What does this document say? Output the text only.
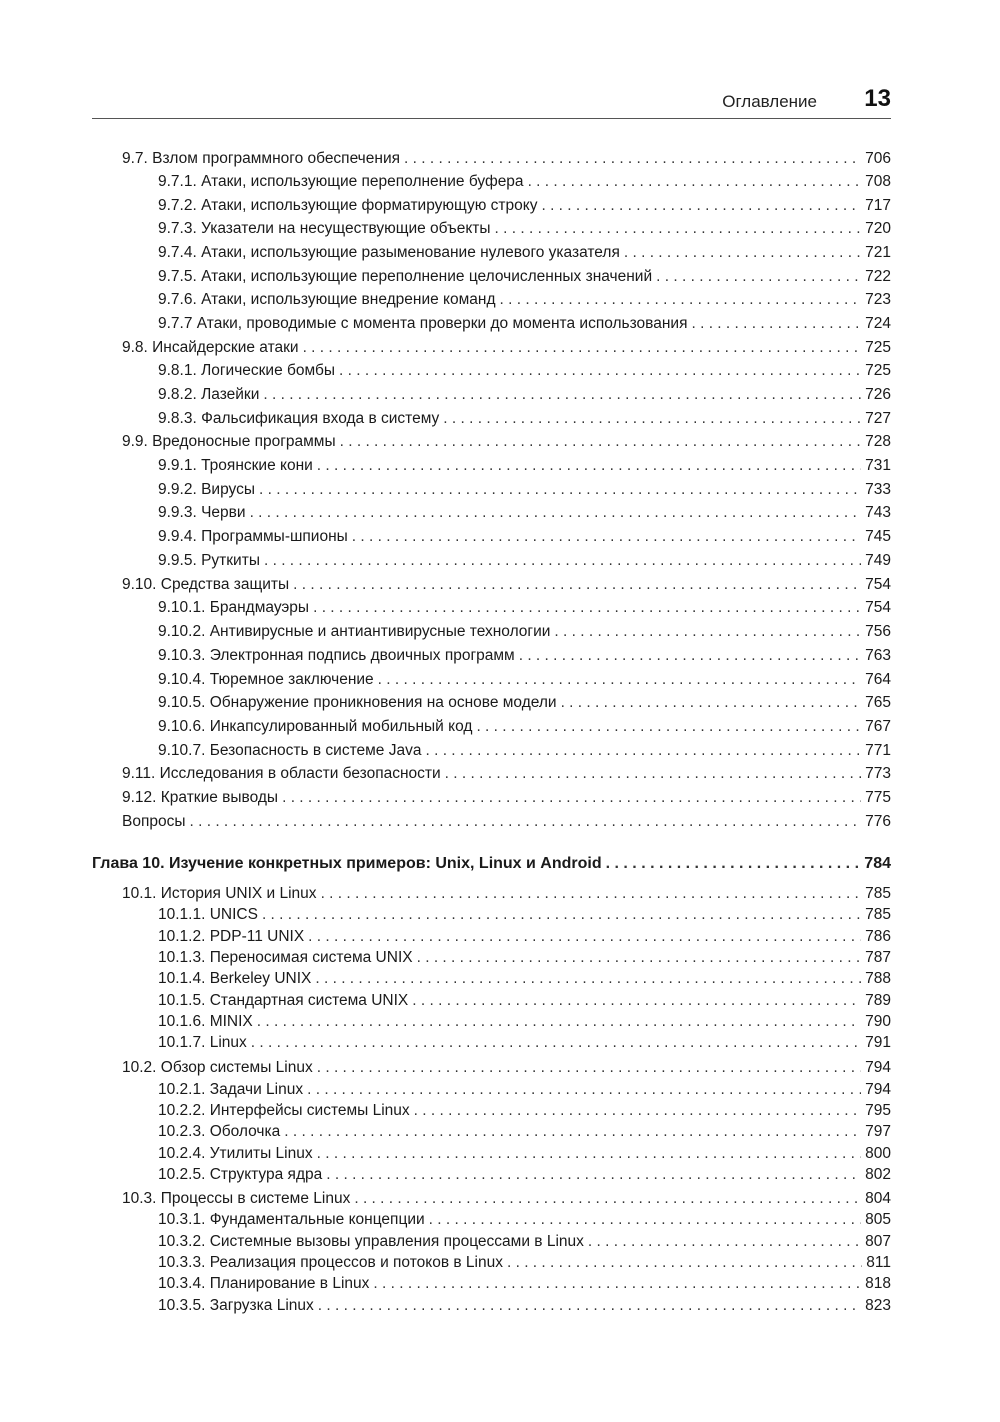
Оглавление 13
9.7. Взлом программного обеспечения . . .	706
9.7.1. Атаки, использующие переполнение буфера . . .	708
9.7.2. Атаки, использующие форматирующую строку . . .	717
9.7.3. Указатели на несуществующие объекты . . .	720
9.7.4. Атаки, использующие разыменование нулевого указателя . . .	721
9.7.5. Атаки, использующие переполнение целочисленных значений . . .	722
9.7.6. Атаки, использующие внедрение команд . . .	723
9.7.7 Атаки, проводимые с момента проверки до момента использования . . .	724
9.8. Инсайдерские атаки . . .	725
9.8.1. Логические бомбы . . .	725
9.8.2. Лазейки . . .	726
9.8.3. Фальсификация входа в систему . . .	727
9.9. Вредоносные программы . . .	728
9.9.1. Троянские кони . . .	731
9.9.2. Вирусы . . .	733
9.9.3. Черви . . .	743
9.9.4. Программы-шпионы . . .	745
9.9.5. Руткиты . . .	749
9.10. Средства защиты . . .	754
9.10.1. Брандмауэры . . .	754
9.10.2. Антивирусные и антиантивирусные технологии . . .	756
9.10.3. Электронная подпись двоичных программ . . .	763
9.10.4. Тюремное заключение . . .	764
9.10.5. Обнаружение проникновения на основе модели . . .	765
9.10.6. Инкапсулированный мобильный код . . .	767
9.10.7. Безопасность в системе Java . . .	771
9.11. Исследования в области безопасности . . .	773
9.12. Краткие выводы . . .	775
Вопросы . . .	776
Глава 10. Изучение конкретных примеров: Unix, Linux и Android . . .	784
10.1. История UNIX и Linux . . .	785
10.1.1. UNICS . . .	785
10.1.2. PDP-11 UNIX . . .	786
10.1.3. Переносимая система UNIX . . .	787
10.1.4. Berkeley UNIX . . .	788
10.1.5. Стандартная система UNIX . . .	789
10.1.6. MINIX . . .	790
10.1.7. Linux . . .	791
10.2. Обзор системы Linux . . .	794
10.2.1. Задачи Linux . . .	794
10.2.2. Интерфейсы системы Linux . . .	795
10.2.3. Оболочка . . .	797
10.2.4. Утилиты Linux . . .	800
10.2.5. Структура ядра . . .	802
10.3. Процессы в системе Linux . . .	804
10.3.1. Фундаментальные концепции . . .	805
10.3.2. Системные вызовы управления процессами в Linux . . .	807
10.3.3. Реализация процессов и потоков в Linux . . .	811
10.3.4. Планирование в Linux . . .	818
10.3.5. Загрузка Linux . . .	823
